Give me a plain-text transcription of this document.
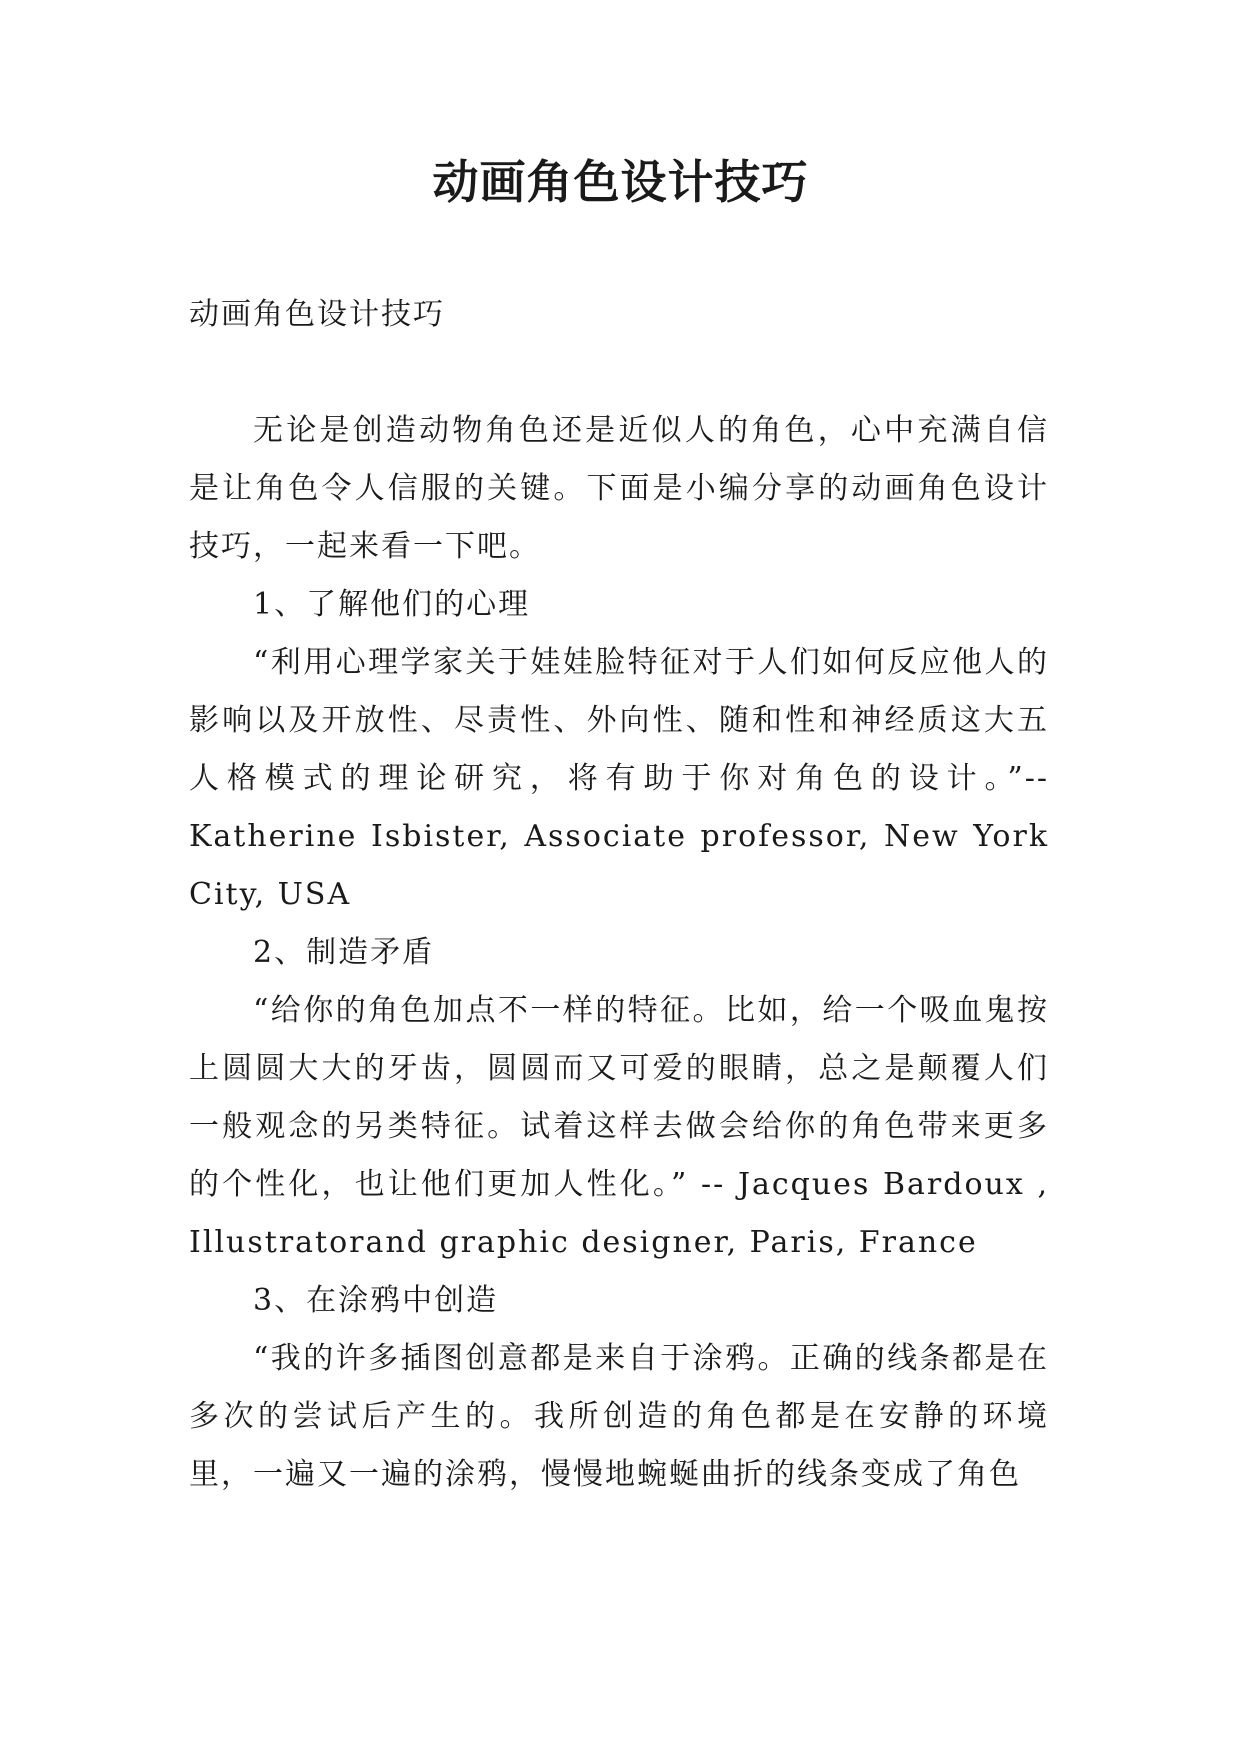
动画角色设计技巧

动画角色设计技巧

无论是创造动物角色还是近似人的角色，心中充满自信是让角色令人信服的关键。下面是小编分享的动画角色设计技巧，一起来看一下吧。

1、了解他们的心理

“利用心理学家关于娃娃脸特征对于人们如何反应他人的影响以及开放性、尽责性、外向性、随和性和神经质这大五人格模式的理论研究，将有助于你对角色的设计。”--Katherine Isbister, Associate professor, New York City, USA

2、制造矛盾

“给你的角色加点不一样的特征。比如，给一个吸血鬼按上圆圆大大的牙齿，圆圆而又可爱的眼睛，总之是颠覆人们一般观念的另类特征。试着这样去做会给你的角色带来更多的个性化，也让他们更加人性化。” -- Jacques Bardoux , Illustratorand graphic designer, Paris, France

3、在涂鸦中创造

“我的许多插图创意都是来自于涂鸦。正确的线条都是在多次的尝试后产生的。我所创造的角色都是在安静的环境里，一遍又一遍的涂鸦，慢慢地蜿蜒曲折的线条变成了角色
